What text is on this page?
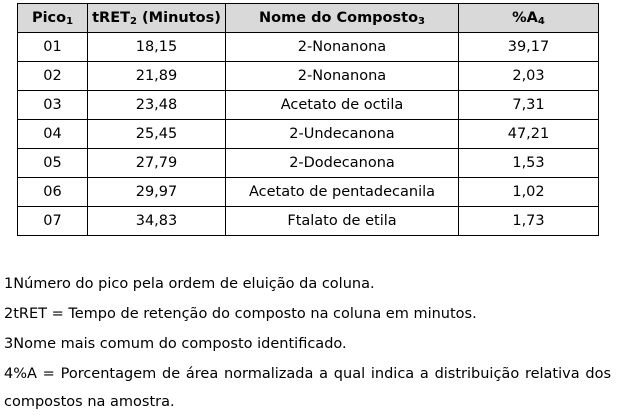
Pico$_1$	tRET$_2$ (Minutos)	Nome do Composto$_3$	$\%A_4$
01	18,15	2-Nonanona	39,17
02	21,89	2-Nonanona	2,03
03	23,48	Acetato de octila	7,31
04	25,45	2-Undecanona	47,21
05	27,79	2-Dodecanona	1,53
06	29,97	Acetato de pentadecanila	1,02
07	34,83	Ftalato de etila	1,73

1Número do pico pela ordem de eluição da coluna.

2tRET = Tempo de retenção do composto na coluna em minutos.

3Nome mais comum do composto identificado.

4%A = Porcentagem de área normalizada a qual indica a distribuição relativa dos

compostos na amostra.
